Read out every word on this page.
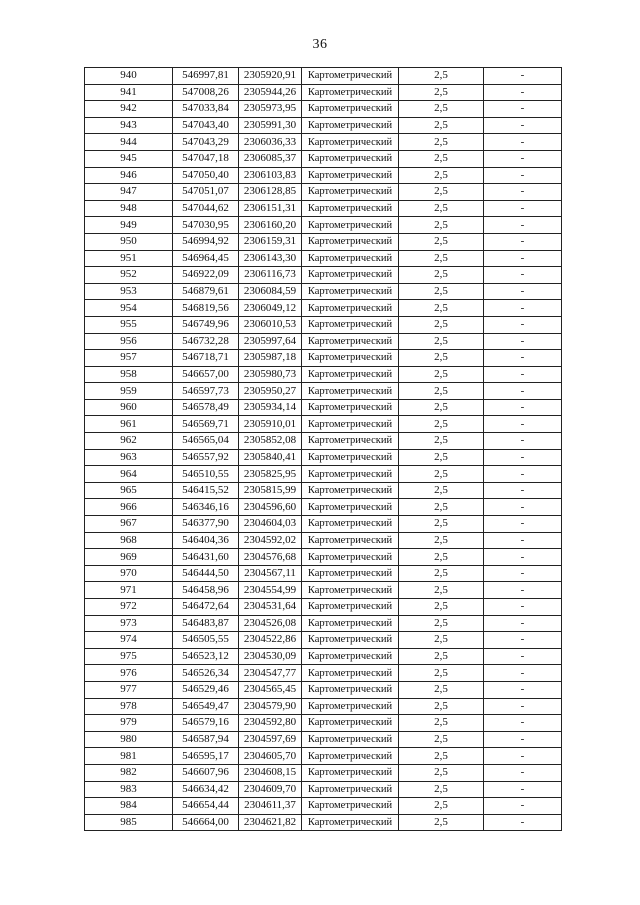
36
940	546997,81	2305920,91	Картометрический	2,5	-
941	547008,26	2305944,26	Картометрический	2,5	-
942	547033,84	2305973,95	Картометрический	2,5	-
943	547043,40	2305991,30	Картометрический	2,5	-
944	547043,29	2306036,33	Картометрический	2,5	-
945	547047,18	2306085,37	Картометрический	2,5	-
946	547050,40	2306103,83	Картометрический	2,5	-
947	547051,07	2306128,85	Картометрический	2,5	-
948	547044,62	2306151,31	Картометрический	2,5	-
949	547030,95	2306160,20	Картометрический	2,5	-
950	546994,92	2306159,31	Картометрический	2,5	-
951	546964,45	2306143,30	Картометрический	2,5	-
952	546922,09	2306116,73	Картометрический	2,5	-
953	546879,61	2306084,59	Картометрический	2,5	-
954	546819,56	2306049,12	Картометрический	2,5	-
955	546749,96	2306010,53	Картометрический	2,5	-
956	546732,28	2305997,64	Картометрический	2,5	-
957	546718,71	2305987,18	Картометрический	2,5	-
958	546657,00	2305980,73	Картометрический	2,5	-
959	546597,73	2305950,27	Картометрический	2,5	-
960	546578,49	2305934,14	Картометрический	2,5	-
961	546569,71	2305910,01	Картометрический	2,5	-
962	546565,04	2305852,08	Картометрический	2,5	-
963	546557,92	2305840,41	Картометрический	2,5	-
964	546510,55	2305825,95	Картометрический	2,5	-
965	546415,52	2305815,99	Картометрический	2,5	-
966	546346,16	2304596,60	Картометрический	2,5	-
967	546377,90	2304604,03	Картометрический	2,5	-
968	546404,36	2304592,02	Картометрический	2,5	-
969	546431,60	2304576,68	Картометрический	2,5	-
970	546444,50	2304567,11	Картометрический	2,5	-
971	546458,96	2304554,99	Картометрический	2,5	-
972	546472,64	2304531,64	Картометрический	2,5	-
973	546483,87	2304526,08	Картометрический	2,5	-
974	546505,55	2304522,86	Картометрический	2,5	-
975	546523,12	2304530,09	Картометрический	2,5	-
976	546526,34	2304547,77	Картометрический	2,5	-
977	546529,46	2304565,45	Картометрический	2,5	-
978	546549,47	2304579,90	Картометрический	2,5	-
979	546579,16	2304592,80	Картометрический	2,5	-
980	546587,94	2304597,69	Картометрический	2,5	-
981	546595,17	2304605,70	Картометрический	2,5	-
982	546607,96	2304608,15	Картометрический	2,5	-
983	546634,42	2304609,70	Картометрический	2,5	-
984	546654,44	2304611,37	Картометрический	2,5	-
985	546664,00	2304621,82	Картометрический	2,5	-
